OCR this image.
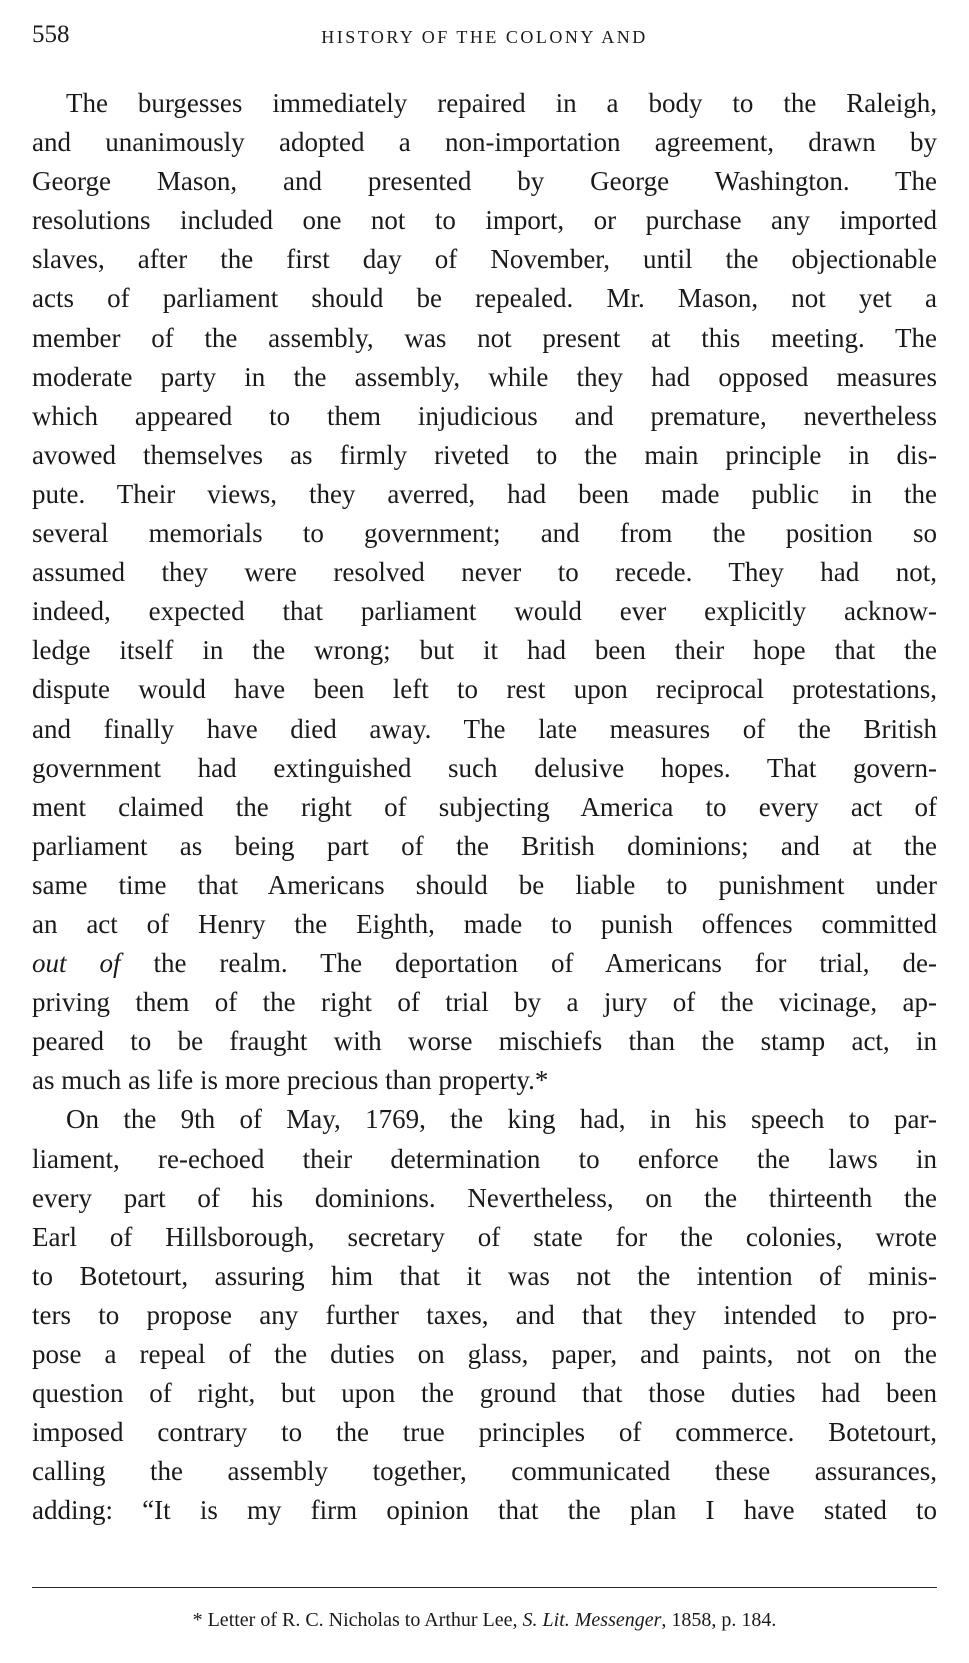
558	HISTORY OF THE COLONY AND
The burgesses immediately repaired in a body to the Raleigh,
and unanimously adopted a non-importation agreement, drawn by
George Mason, and presented by George Washington. The
resolutions included one not to import, or purchase any imported
slaves, after the first day of November, until the objectionable
acts of parliament should be repealed. Mr. Mason, not yet a
member of the assembly, was not present at this meeting. The
moderate party in the assembly, while they had opposed measures
which appeared to them injudicious and premature, nevertheless
avowed themselves as firmly riveted to the main principle in dis-
pute. Their views, they averred, had been made public in the
several memorials to government; and from the position so
assumed they were resolved never to recede. They had not,
indeed, expected that parliament would ever explicitly acknow-
ledge itself in the wrong; but it had been their hope that the
dispute would have been left to rest upon reciprocal protestations,
and finally have died away. The late measures of the British
government had extinguished such delusive hopes. That govern-
ment claimed the right of subjecting America to every act of
parliament as being part of the British dominions; and at the
same time that Americans should be liable to punishment under
an act of Henry the Eighth, made to punish offences committed
out of the realm. The deportation of Americans for trial, de-
priving them of the right of trial by a jury of the vicinage, ap-
peared to be fraught with worse mischiefs than the stamp act, in
as much as life is more precious than property.*
On the 9th of May, 1769, the king had, in his speech to par-
liament, re-echoed their determination to enforce the laws in
every part of his dominions. Nevertheless, on the thirteenth the
Earl of Hillsborough, secretary of state for the colonies, wrote
to Botetourt, assuring him that it was not the intention of minis-
ters to propose any further taxes, and that they intended to pro-
pose a repeal of the duties on glass, paper, and paints, not on the
question of right, but upon the ground that those duties had been
imposed contrary to the true principles of commerce. Botetourt,
calling the assembly together, communicated these assurances,
adding: “It is my firm opinion that the plan I have stated to
* Letter of R. C. Nicholas to Arthur Lee, S. Lit. Messenger, 1858, p. 184.
